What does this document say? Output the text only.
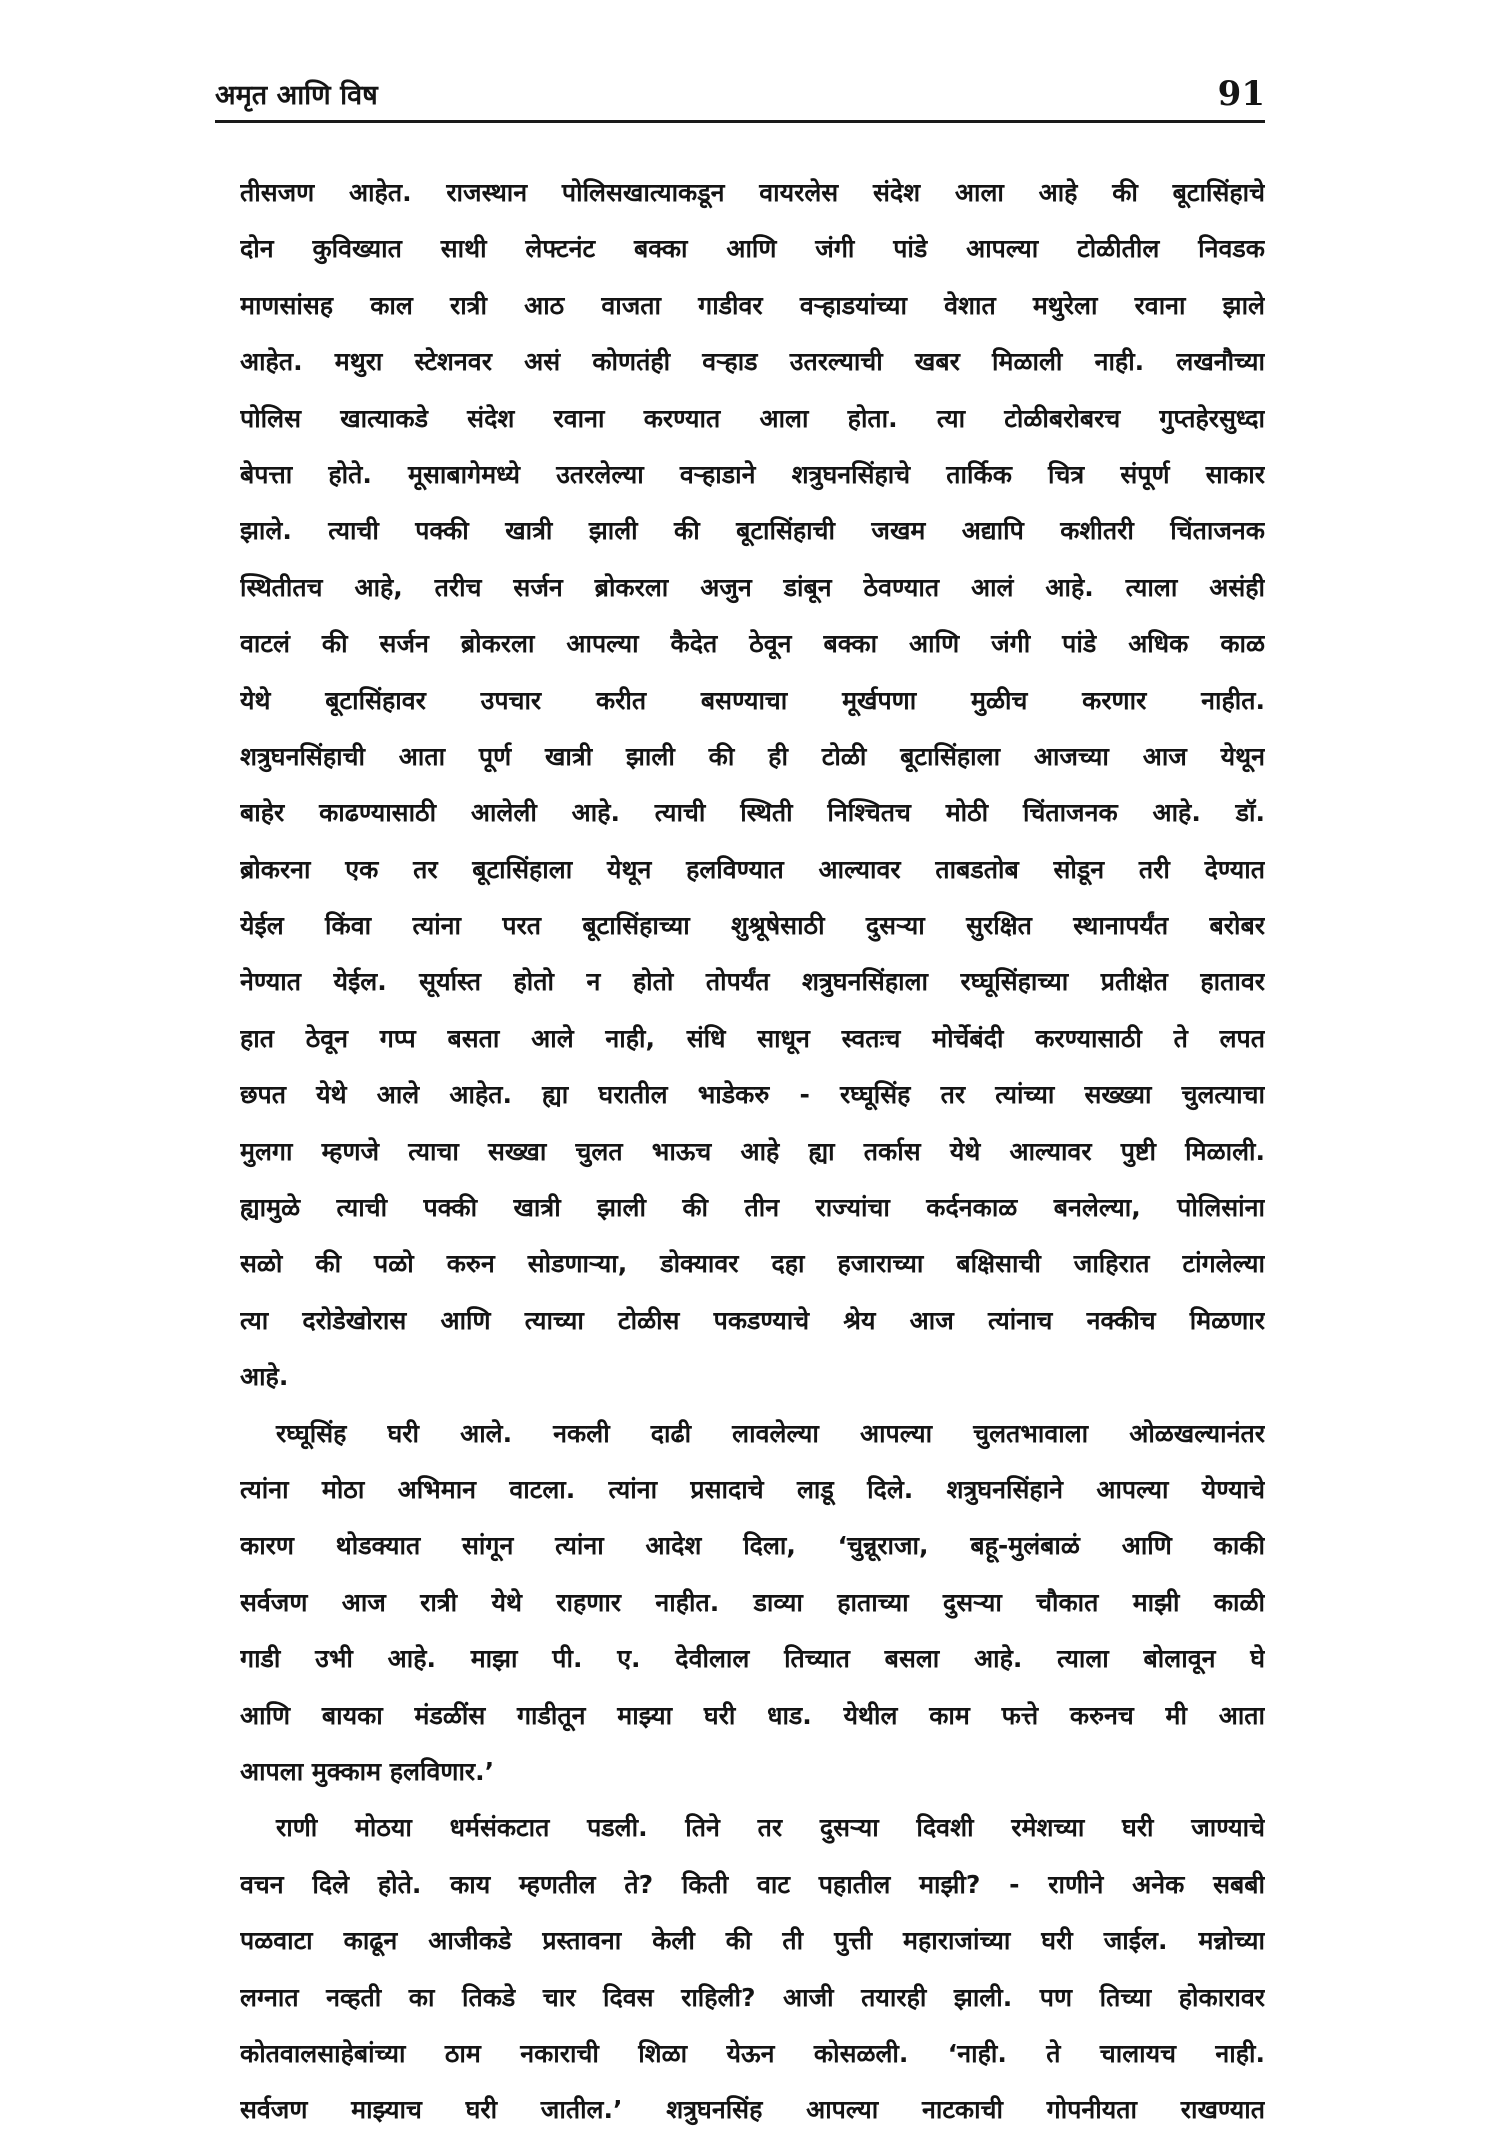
अमृत आणि विष	91
तीसजण आहेत. राजस्थान पोलिसखात्याकडून वायरलेस संदेश आला आहे की बूटासिंहाचे
दोन कुविख्यात साथी लेफ्टनंट बक्का आणि जंगी पांडे आपल्या टोळीतील निवडक
माणसांसह काल रात्री आठ वाजता गाडीवर वऱ्हाडयांच्या वेशात मथुरेला रवाना झाले
आहेत. मथुरा स्टेशनवर असं कोणतंही वऱ्हाड उतरल्याची खबर मिळाली नाही. लखनौच्या
पोलिस खात्याकडे संदेश रवाना करण्यात आला होता. त्या टोळीबरोबरच गुप्तहेरसुध्दा
बेपत्ता होते. मूसाबागेमध्ये उतरलेल्या वऱ्हाडाने शत्रुघनसिंहाचे तार्किक चित्र संपूर्ण साकार
झाले. त्याची पक्की खात्री झाली की बूटासिंहाची जखम अद्यापि कशीतरी चिंताजनक
स्थितीतच आहे, तरीच सर्जन ब्रोकरला अजुन डांबून ठेवण्यात आलं आहे. त्याला असंही
वाटलं की सर्जन ब्रोकरला आपल्या कैदेत ठेवून बक्का आणि जंगी पांडे अधिक काळ
येथे बूटासिंहावर उपचार करीत बसण्याचा मूर्खपणा मुळीच करणार नाहीत.
शत्रुघनसिंहाची आता पूर्ण खात्री झाली की ही टोळी बूटासिंहाला आजच्या आज येथून
बाहेर काढण्यासाठी आलेली आहे. त्याची स्थिती निश्चितच मोठी चिंताजनक आहे. डॉ.
ब्रोकरना एक तर बूटासिंहाला येथून हलविण्यात आल्यावर ताबडतोब सोडून तरी देण्यात
येईल किंवा त्यांना परत बूटासिंहाच्या शुश्रूषेसाठी दुसऱ्या सुरक्षित स्थानापर्यंत बरोबर
नेण्यात येईल. सूर्यास्त होतो न होतो तोपर्यंत शत्रुघनसिंहाला रघ्घूसिंहाच्या प्रतीक्षेत हातावर
हात ठेवून गप्प बसता आले नाही, संधि साधून स्वतःच मोर्चेबंदी करण्यासाठी ते लपत
छपत येथे आले आहेत. ह्या घरातील भाडेकरु - रघ्घूसिंह तर त्यांच्या सख्ख्या चुलत्याचा
मुलगा म्हणजे त्याचा सख्खा चुलत भाऊच आहे ह्या तर्कास येथे आल्यावर पुष्टी मिळाली.
ह्यामुळे त्याची पक्की खात्री झाली की तीन राज्यांचा कर्दनकाळ बनलेल्या, पोलिसांना
सळो की पळो करुन सोडणाऱ्या, डोक्यावर दहा हजाराच्या बक्षिसाची जाहिरात टांगलेल्या
त्या दरोडेखोरास आणि त्याच्या टोळीस पकडण्याचे श्रेय आज त्यांनाच नक्कीच मिळणार
आहे.
रघ्घूसिंह घरी आले. नकली दाढी लावलेल्या आपल्या चुलतभावाला ओळखल्यानंतर
त्यांना मोठा अभिमान वाटला. त्यांना प्रसादाचे लाडू दिले. शत्रुघनसिंहाने आपल्या येण्याचे
कारण थोडक्यात सांगून त्यांना आदेश दिला, ‘चुन्नूराजा, बहू-मुलंबाळं आणि काकी
सर्वजण आज रात्री येथे राहणार नाहीत. डाव्या हाताच्या दुसऱ्या चौकात माझी काळी
गाडी उभी आहे. माझा पी. ए. देवीलाल तिच्यात बसला आहे. त्याला बोलावून घे
आणि बायका मंडळींस गाडीतून माझ्या घरी धाड. येथील काम फत्ते करुनच मी आता
आपला मुक्काम हलविणार.’
राणी मोठया धर्मसंकटात पडली. तिने तर दुसऱ्या दिवशी रमेशच्या घरी जाण्याचे
वचन दिले होते. काय म्हणतील ते? किती वाट पहातील माझी? - राणीने अनेक सबबी
पळवाटा काढून आजीकडे प्रस्तावना केली की ती पुत्ती महाराजांच्या घरी जाईल. मन्नोच्या
लग्नात नव्हती का तिकडे चार दिवस राहिली? आजी तयारही झाली. पण तिच्या होकारावर
कोतवालसाहेबांच्या ठाम नकाराची शिळा येऊन कोसळली. ‘नाही. ते चालायच नाही.
सर्वजण माझ्याच घरी जातील.’ शत्रुघनसिंह आपल्या नाटकाची गोपनीयता राखण्यात
